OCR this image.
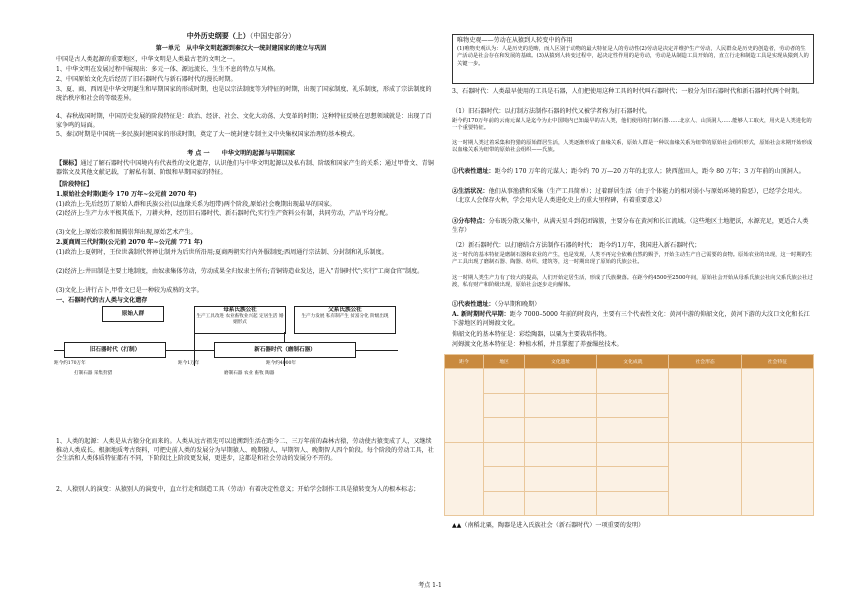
中外历史纲要（上）（中国史部分）
第一单元　从中华文明起源到秦汉大一统封建国家的建立与巩固
中国是古人类起源的重要地区，中华文明是人类最古老的文明之一。
1、中华文明在发展过程中展现出：多元一体、源远流长、生生不息的特点与风格。
2、中国原始文化先后经历了旧石器时代与新石器时代的漫长时期。
3、夏、商、西周是中华文明诞生和早期国家的形成时期，也是以宗法制度等为特征的时期，出现了国家制度、礼乐制度，形成了宗法制度的统治秩序和社会的等级差异。
4、春秋战国时期，中国历史发展的阶段特征是：政治、经济、社会、文化大动荡、大变革的时期；这种特征反映在思想领域就是：出现了百家争鸣的局面。
5、秦汉时期是中国统一多民族封建国家的形成时期，奠定了大一统封建专制主义中央集权国家治理的基本模式。
考 点 一　　中华文明的起源与早期国家
【课标】通过了解石器时代中国境内有代表性的文化遗存，认识他们与中华文明起源以及私有制、阶级和国家产生的关系；通过甲骨文、青铜器铭文及其他文献记载，了解私有制、阶级和早期国家的特征。
【阶段特征】
1.原始社会时期(距今 170 万年~公元前 2070 年)
(1)政治上:先后经历了原始人群和氏族公社(以血缘关系为纽带)两个阶段,原始社会晚期出现最早的国家。
(2)经济上:生产力水平极其低下，刀耕火种，经历旧石器时代、新石器时代;实行生产资料公有制，共同劳动，产品平均分配。
(3)文化上:原始宗教和图腾崇拜出现,原始艺术产生。
2.夏商周三代时期(公元前 2070 年~公元前 771 年)
(1)政治上:夏朝时，王位世袭制代替禅让制并为后世所沿用;夏商两朝实行内外服制度;西周通行宗法制、分封制和礼乐制度。
(2)经济上:井田制是主要土地制度，由奴隶集体劳动，劳动成果全归奴隶主所有;青铜铸造业发达，进入"青铜时代";实行"工商食官"制度。
(3)文化上:讲行占卜,甲骨文已是一种较为成熟的文字。
一、石器时代的古人类与文化遗存
原始人群
母系氏族公社
生产工具改进 农业畜牧业兴起 定居生活 婚姻形式
父系氏族公社
生产力发展 私有制产生 贫富分化 阶级出现
旧石器时代（打制）	新石器时代（磨制石器）
距今约170万年	距今1万年	距今约4000年
打制石器 采集狩猎	磨制石器 农业 畜牧 陶器
1、人类的起源：人类是从古猿分化而来的。人类从远古祖先可以追溯到生活在距今二、三万年前的森林古猿，劳动使古猿变成了人，又继续推动人类成长。根据地质考古资料，可把史前人类的发展分为早期猿人、晚期猿人、早期智人、晚期智人四个阶段。每个阶段的劳动工具，社会生活和人类体质特征都有不同，下阶段比上阶段更发展，更进步，这都是和社会劳动的发展分不开的。
2、人猿别人的演变：从猿别人的演变中，直立行走和制造工具（劳动）有着决定性意义；开始学会制作工具是猿转变为人的根本标志；
唯物史观——劳动在从猿到人转变中的作用
(1)唯物史观认为：人是历史的范畴，而人区别于动物的最大特征是人的劳动性(2)劳动是决定并维护生产劳动，人民群众是历史的创造者，劳动者的生产活动是社会存在和发展的基础。(3)从猿到人转变过程中，起决定性作用的是劳动，劳动是从制造工具开始的，直立行走和制造工具是实现从猿到人的关键一步。
3、石器时代：人类最早使用的工具是石器，人们把使用这种工具的时代叫石器时代；一般分为旧石器时代和新石器时代两个时期。
（1）旧石器时代：以打制方法制作石器的时代又被学者称为打石器时代。
距今约170万年前的云南元谋人是迄今为止中国境内已知最早的古人类，他们使用的打制石器……北京人、山顶洞人……能够人工取火，用火是人类进化的一个重要特征。
这一时期人类过着采集和狩猎的原始群居生活，人类逐渐形成了血缘关系，原始人群是一种以血缘关系为纽带的原始社会组织形式，原始社会末期开始形成以血缘关系为纽带的原始社会组织——氏族。
①代表性遗址：距今约 170 万年的元谋人；距今约 70 万—20 万年的北京人；陕西蓝田人，距今 80 万年；3 万年前的山顶洞人。
②生活状况：他们从事渔猎和采集（生产工具简单）；过着群居生活（由于个体能力的相对弱小与原始环境的险恶），已经学会用火。（北京人会保存火种，学会用火是人类进化史上的重大里程碑，有着重要意义）
③分布特点：分布既分散又集中，从满天星斗到花团锦簇，主要分布在黄河和长江流域。（这些地区土地肥沃，水源充足，更适合人类生存）
（2）新石器时代：以打磨结合方法制作石器的时代；　距今约1万年，我国进入新石器时代；
这一时代的基本特征是磨制石器和农业的产生，也是发现，人类不再完全依赖自然的赐予，开始主动生产自己需要的食物。原始农业的出现，这一时期的生产工具出现了磨制石器、陶器、纺织、建筑等，这一时期出现了原始的氏族公社。
这一时期人类生产力有了较大的提高，人们开始定居生活，形成了氏族聚落。在距今约4500至2500年间，原始社会开始从母系氏族公社向父系氏族公社过渡，私有财产和阶级出现，原始社会逐步走向解体。
①代表性遗址：（分早期和晚期）
A. 新时期时代早期：距今 7000–5000 年前的时段内，主要有三个代表性文化：黄河中游的仰韶文化，黄河下游的大汶口文化和长江下游地区的河姆渡文化。
仰韶文化的基本特征是：彩绘陶器，以粟为主要栽培作物。
河姆渡文化基本特征是：种植水稻，并且掌握了养蚕缫丝技术。
距今	地区	文化遗址	文化成就	社会形态	社会特征

▲▲（南稻北粟，陶器是进入氏族社会（新石器时代）一项重要的发明）
考点 1-1
